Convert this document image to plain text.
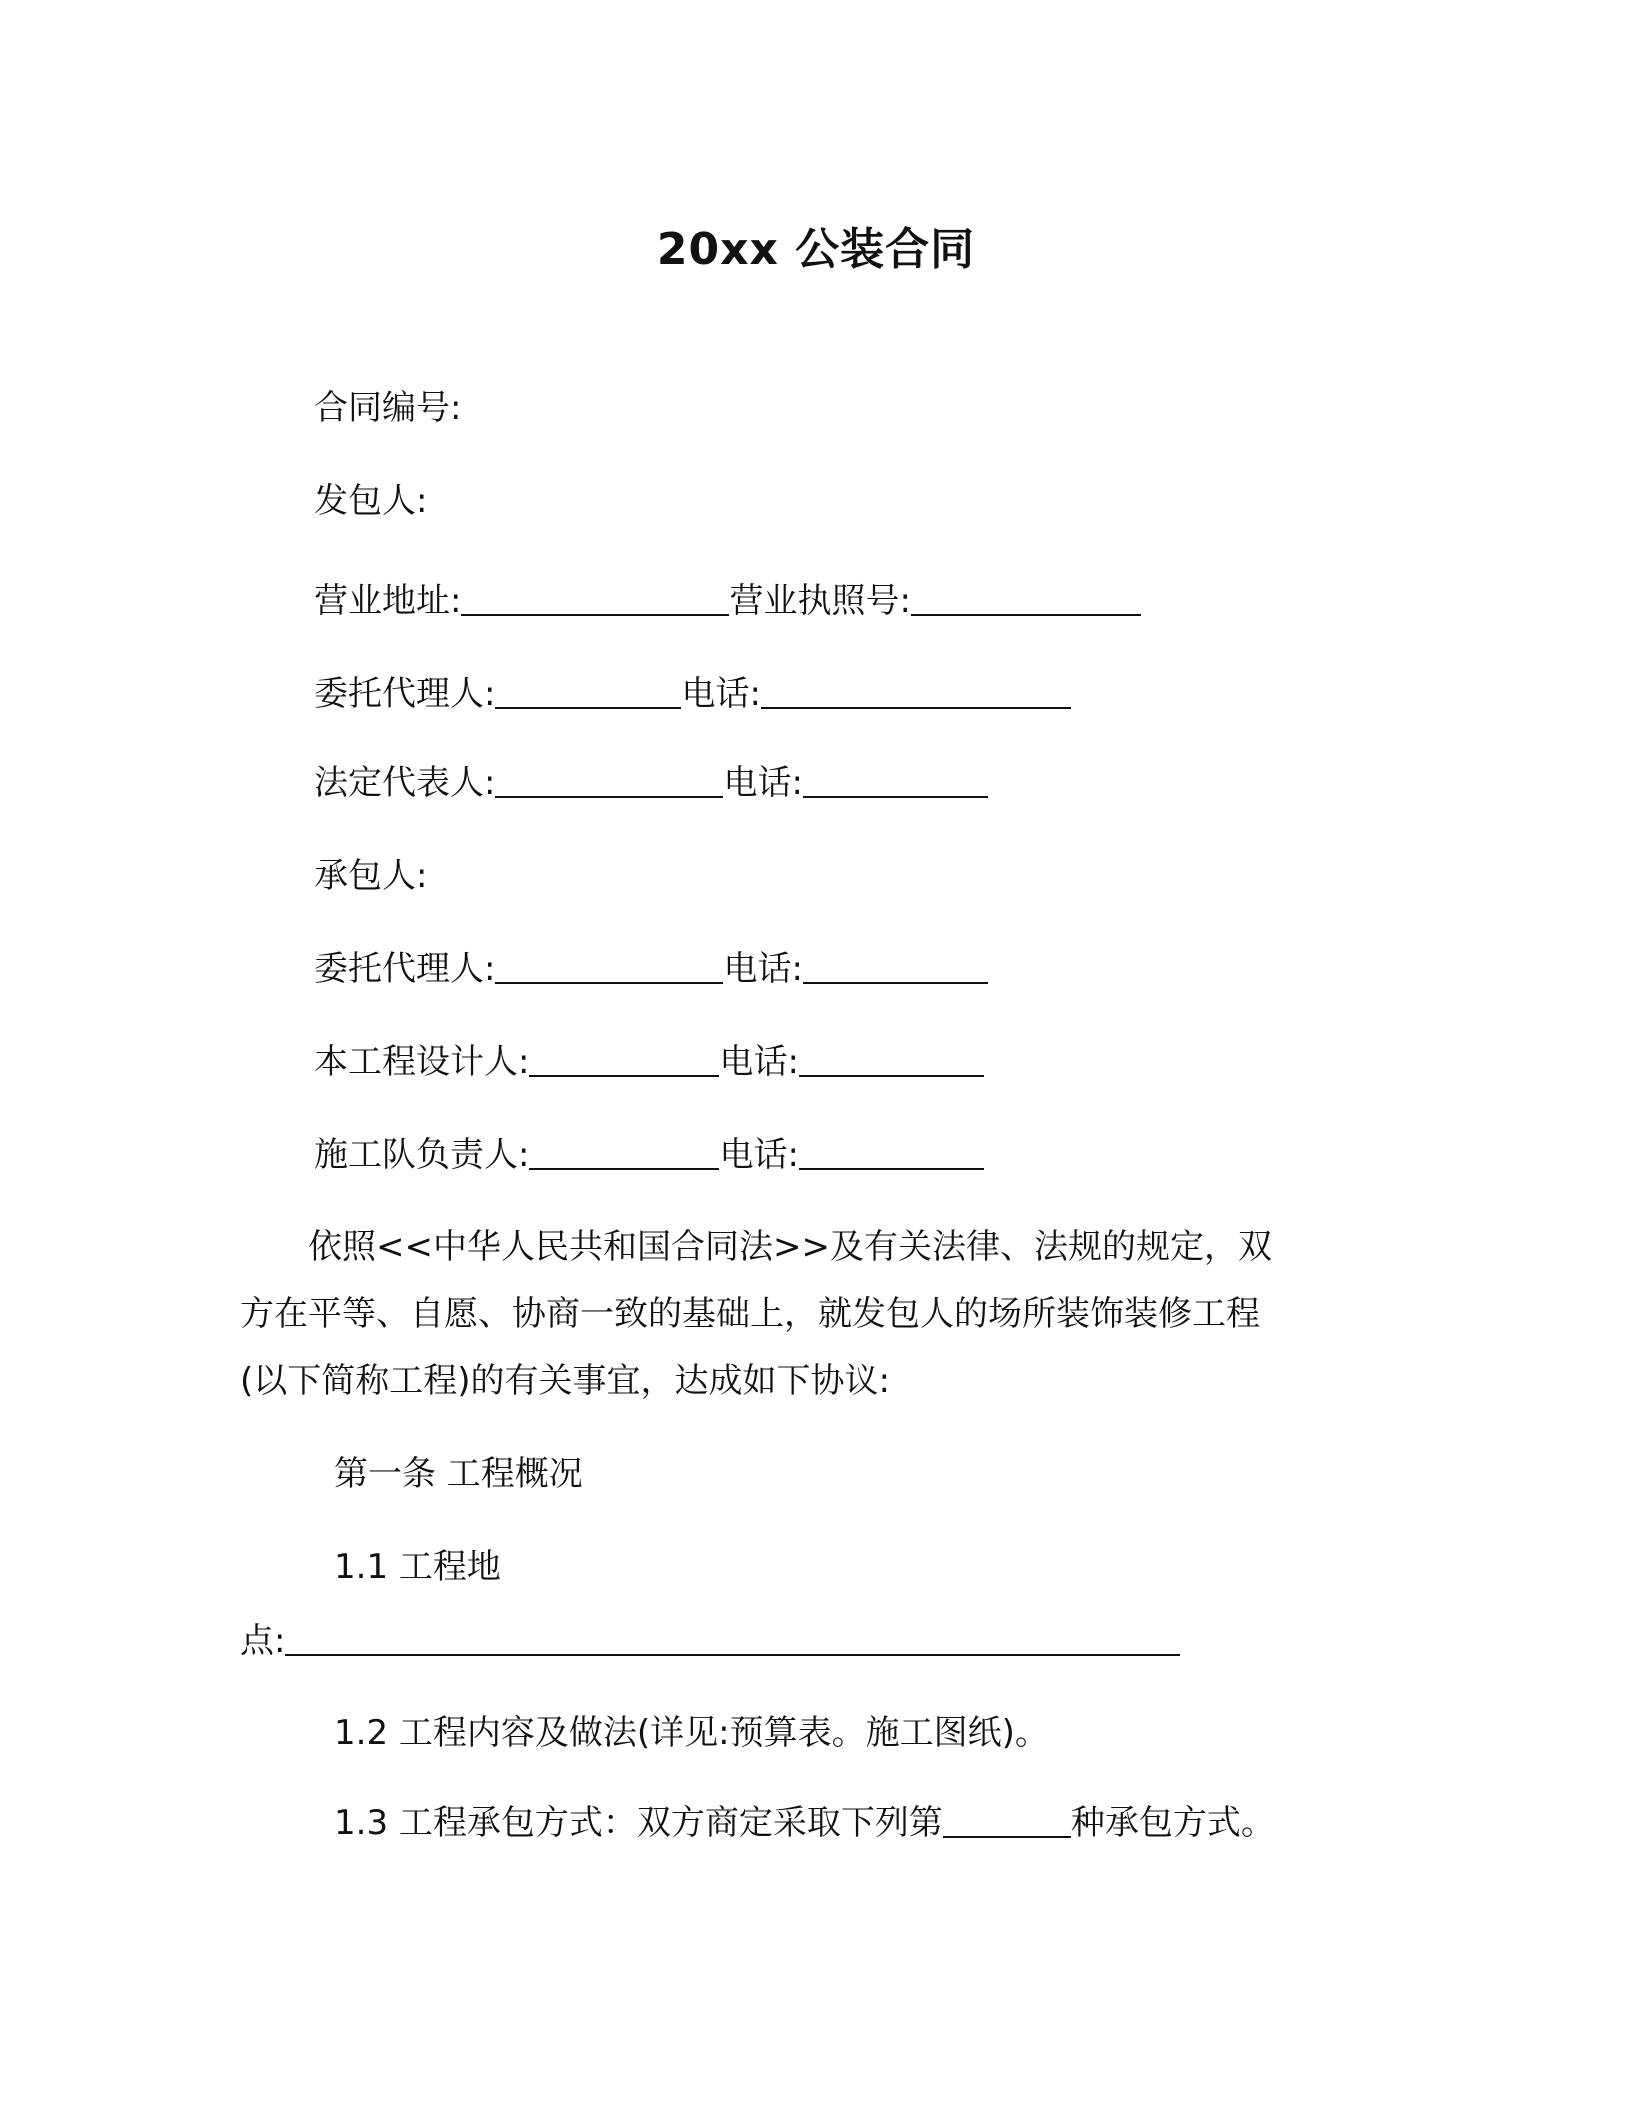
20xx 公装合同
合同编号:
发包人:
营业地址:	营业执照号:
委托代理人:	电话:
法定代表人:	电话:
承包人:
委托代理人:	电话:
本工程设计人:	电话:
施工队负责人:	电话:
　　依照<<中华人民共和国合同法>>及有关法律、法规的规定，双
方在平等、自愿、协商一致的基础上，就发包人的场所装饰装修工程
(以下简称工程)的有关事宜，达成如下协议:
第一条 工程概况
1.1 工程地
点:
1.2 工程内容及做法(详见:预算表。施工图纸)。
1.3 工程承包方式：双方商定采取下列第	种承包方式。
